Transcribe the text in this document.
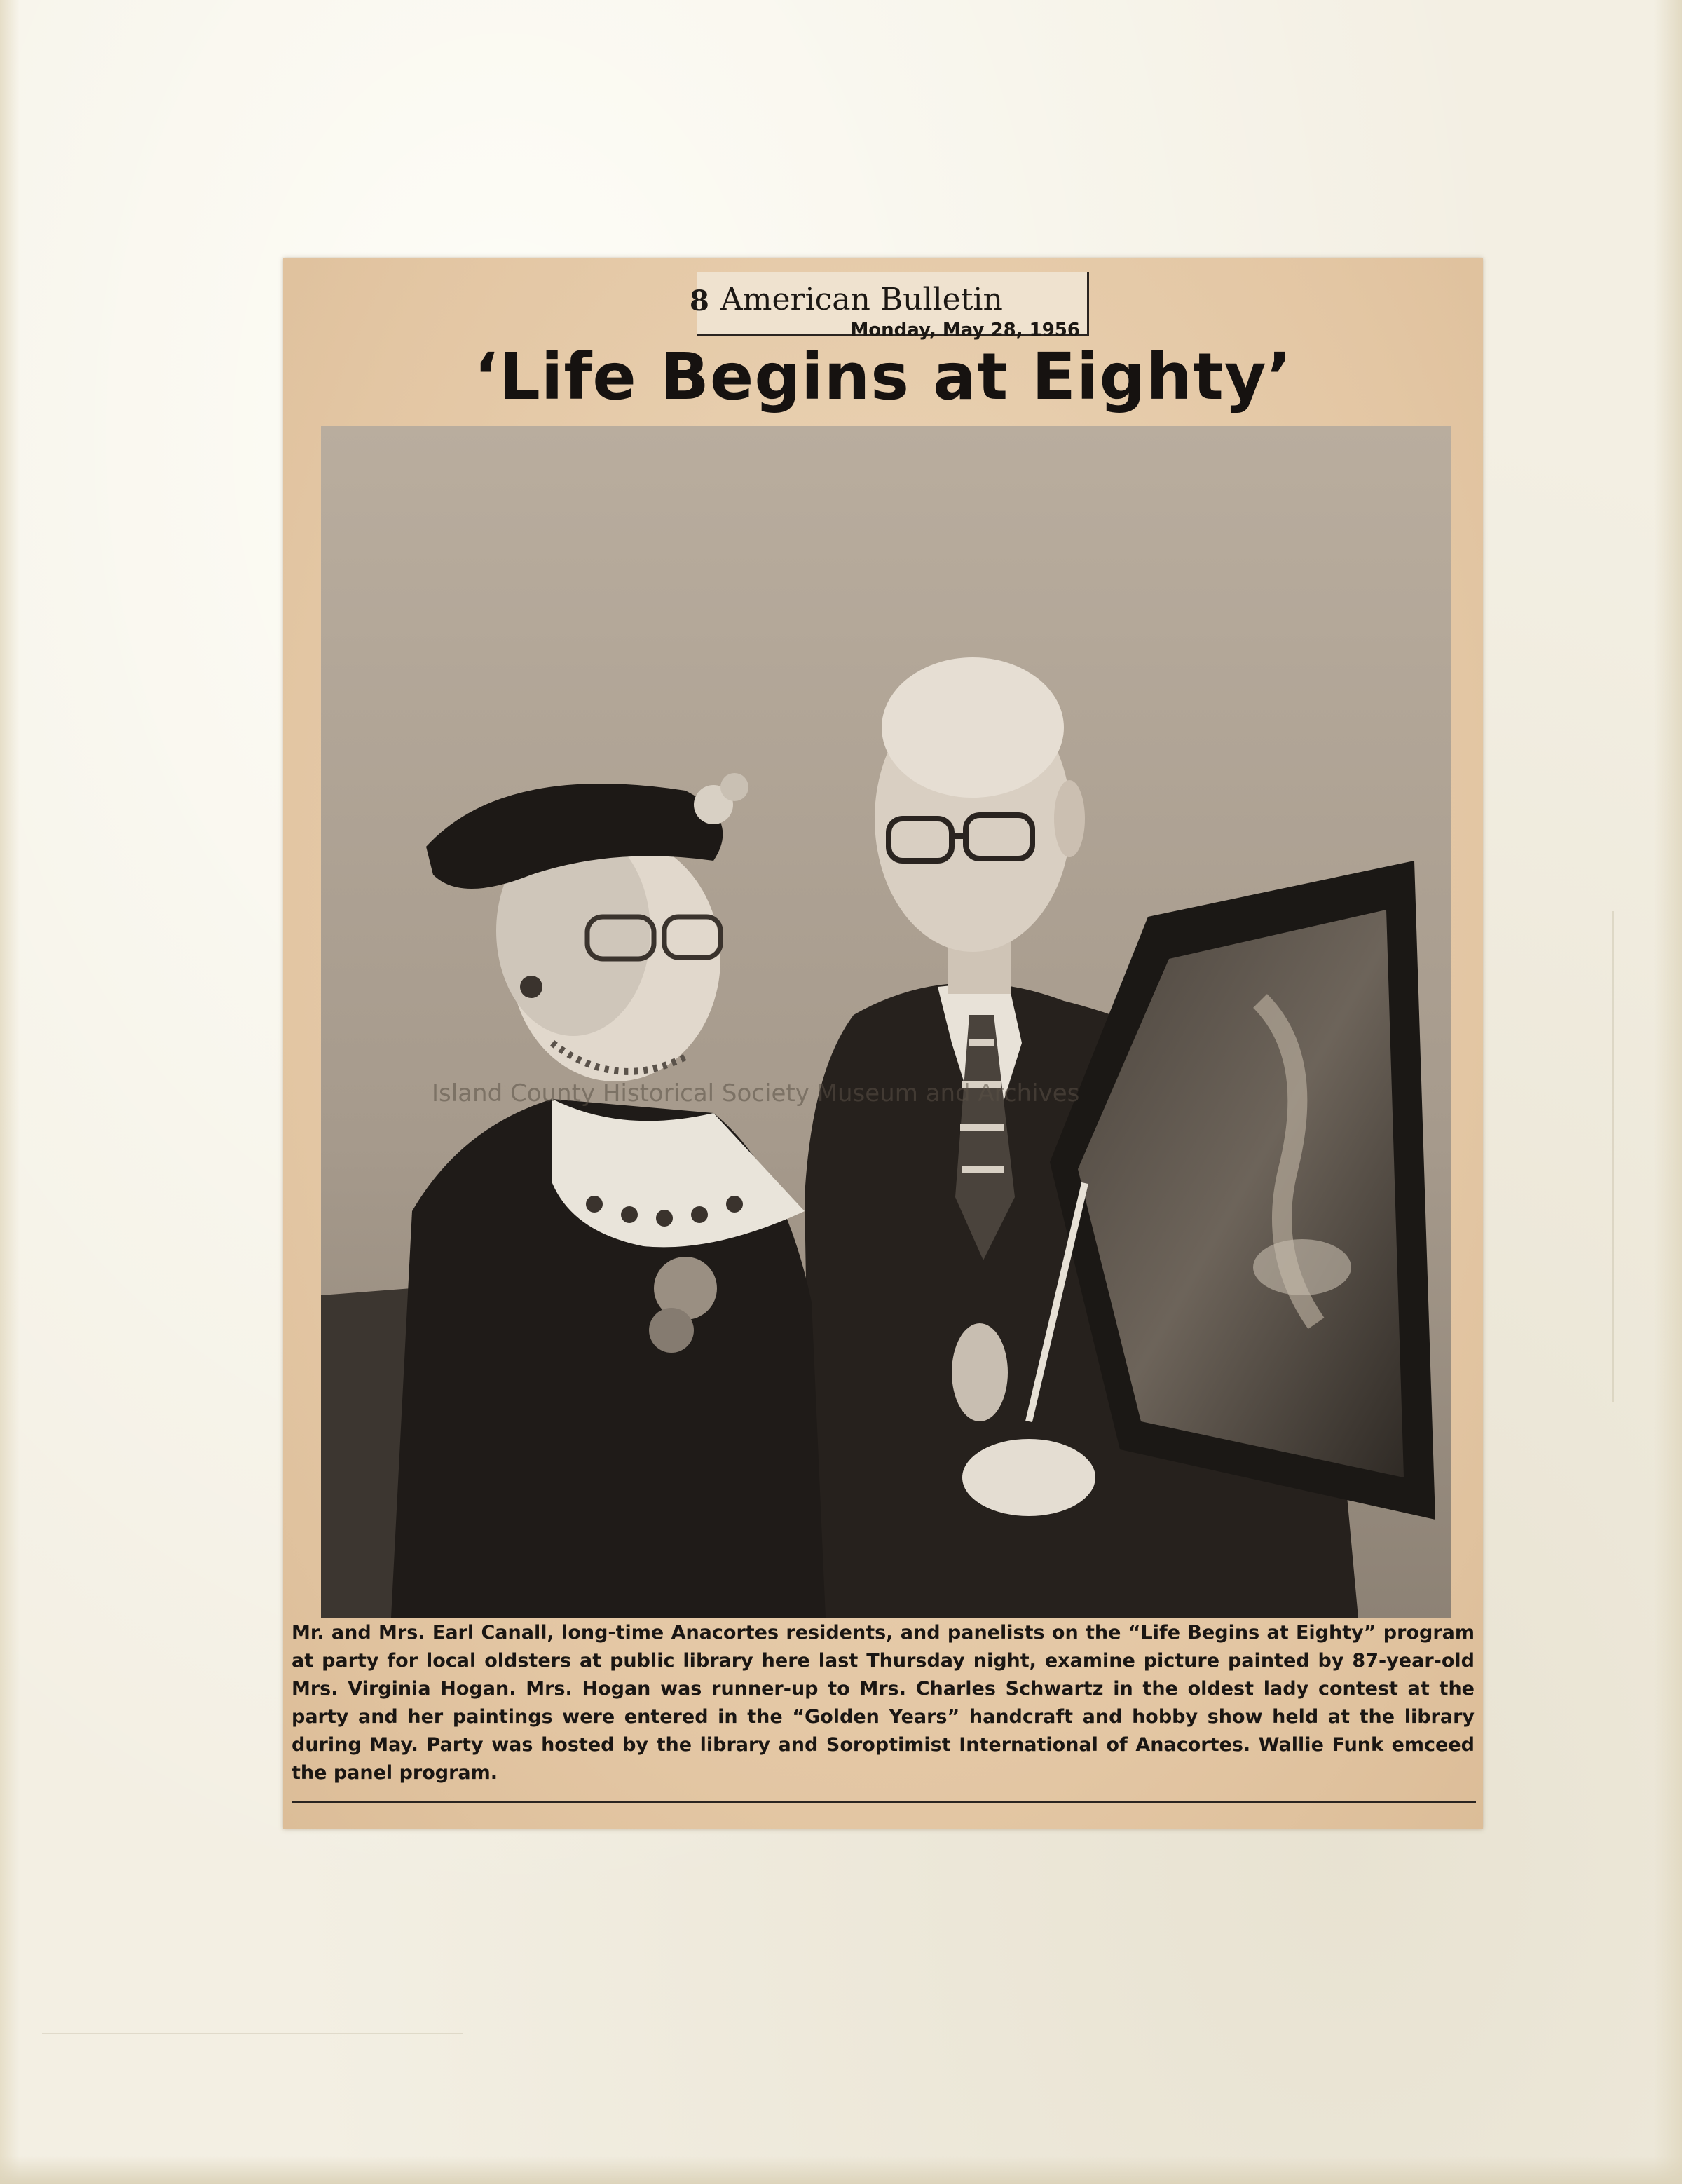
8 American Bulletin
Monday, May 28, 1956
‘Life Begins at Eighty’
Mr. and Mrs. Earl Canall, long-time Anacortes residents, and panelists on the “Life Begins at Eighty” program at party for local oldsters at public library here last Thursday night, examine picture painted by 87-year-old Mrs. Virginia Hogan. Mrs. Hogan was runner-up to Mrs. Charles Schwartz in the oldest lady contest at the party and her paintings were entered in the “Golden Years” handcraft and hobby show held at the library during May. Party was hosted by the library and Soroptimist International of Anacortes. Wallie Funk emceed the panel program.
Island County Historical Society Museum and Archives
